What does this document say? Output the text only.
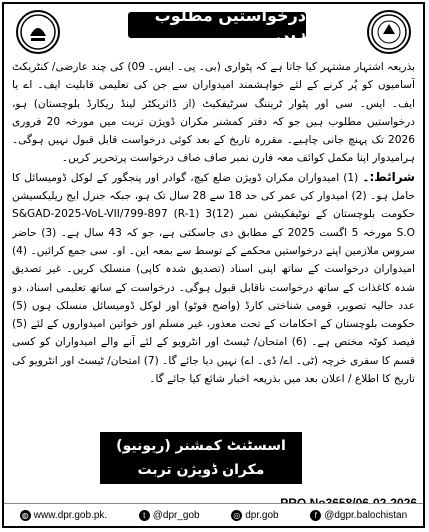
درخواستیں مطلوب ہیں

بذریعہ اشتہار مشتہر کیا جاتا ہے کہ پٹواری (بی۔ پی۔ ایس۔ 09) کی چند عارضی/ کنٹریکٹ آسامیوں کو پُر کرنے کے لئے خواہشمند امیدواران سے جن کی تعلیمی قابلیت ایف۔ اے یا ایف۔ ایس۔ سی اور پٹوار ٹریننگ سرٹیفکیٹ (از ڈائریکٹر لینڈ ریکارڈ بلوچستان) ہو، درخواستیں مطلوب ہیں جو کہ دفتر کمشنر مکران ڈویژن تربت میں مورخہ 20 فروری 2026 تک پہنچ جانی چاہیے۔ مقررہ تاریخ کے بعد کوئی درخواست قابل قبول نہیں ہوگی۔ ہرامیدوار اپنا مکمل کوائف معہ فارن نمبر صاف صاف درخواست پرتحریر کریں۔

شرائط:۔ (1) امیدواران مکران ڈویژن ضلع کیچ، گوادر اور پنجگور کے لوکل ڈومیسائل کا حامل ہو۔ (2) امیدوار کی عمر کی حد 18 سے 28 سال تک ہو، جبکہ جنرل ایج ریلیکسیشن حکومت بلوچستان کے نوٹیفکیشن نمبر S&GAD-2025-VoL-VII/799-897 (R-1) 3(12) S.O مورخہ 5 اگست 2025 کے مطابق دی جاسکتی ہے، جو کہ 43 سال ہے۔ (3) حاضر سروس ملازمین اپنے درخواستیں محکمے کے توسط سے بمعہ این۔ او۔ سی جمع کرائیں۔ (4) امیدواران درخواست کے ساتھ اپنی اسناد (تصدیق شدہ کاپی) منسلک کریں۔ غیر تصدیق شدہ کاغذات کے ساتھ درخواست ناقابل قبول ہوگی۔ درخواست کے ساتھ تعلیمی اسناد، دو عدد حالیہ تصویر، قومی شناختی کارڈ (واضح فوٹو) اور لوکل ڈومیسائل منسلک ہوں (5) حکومت بلوچستان کے احکامات کے تحت معذور، غیر مسلم اور خواتین امیدواروں کے لئے (5) فیصد کوٹہ مختص ہے۔ (6) امتحان/ ٹیسٹ اور انٹرویو کے لئے آنے والے امیدواران کو کسی قسم کا سفری خرچہ (ٹی۔ اے/ ڈی۔ اے) نہیں دیا جائے گا۔ (7) امتحان/ ٹیسٹ اور انٹرویو کی تاریخ کا اطلاع / اعلان بعد میں بذریعہ اخبار شائع کیا جائے گا۔

اسسٹنٹ کمشنر (ریونیو)
مکران ڈویژن تربت
◍ www.dpr.gob.pk.	t @dpr_gob	◎ dpr.gob	f @dgpr.balochistan
